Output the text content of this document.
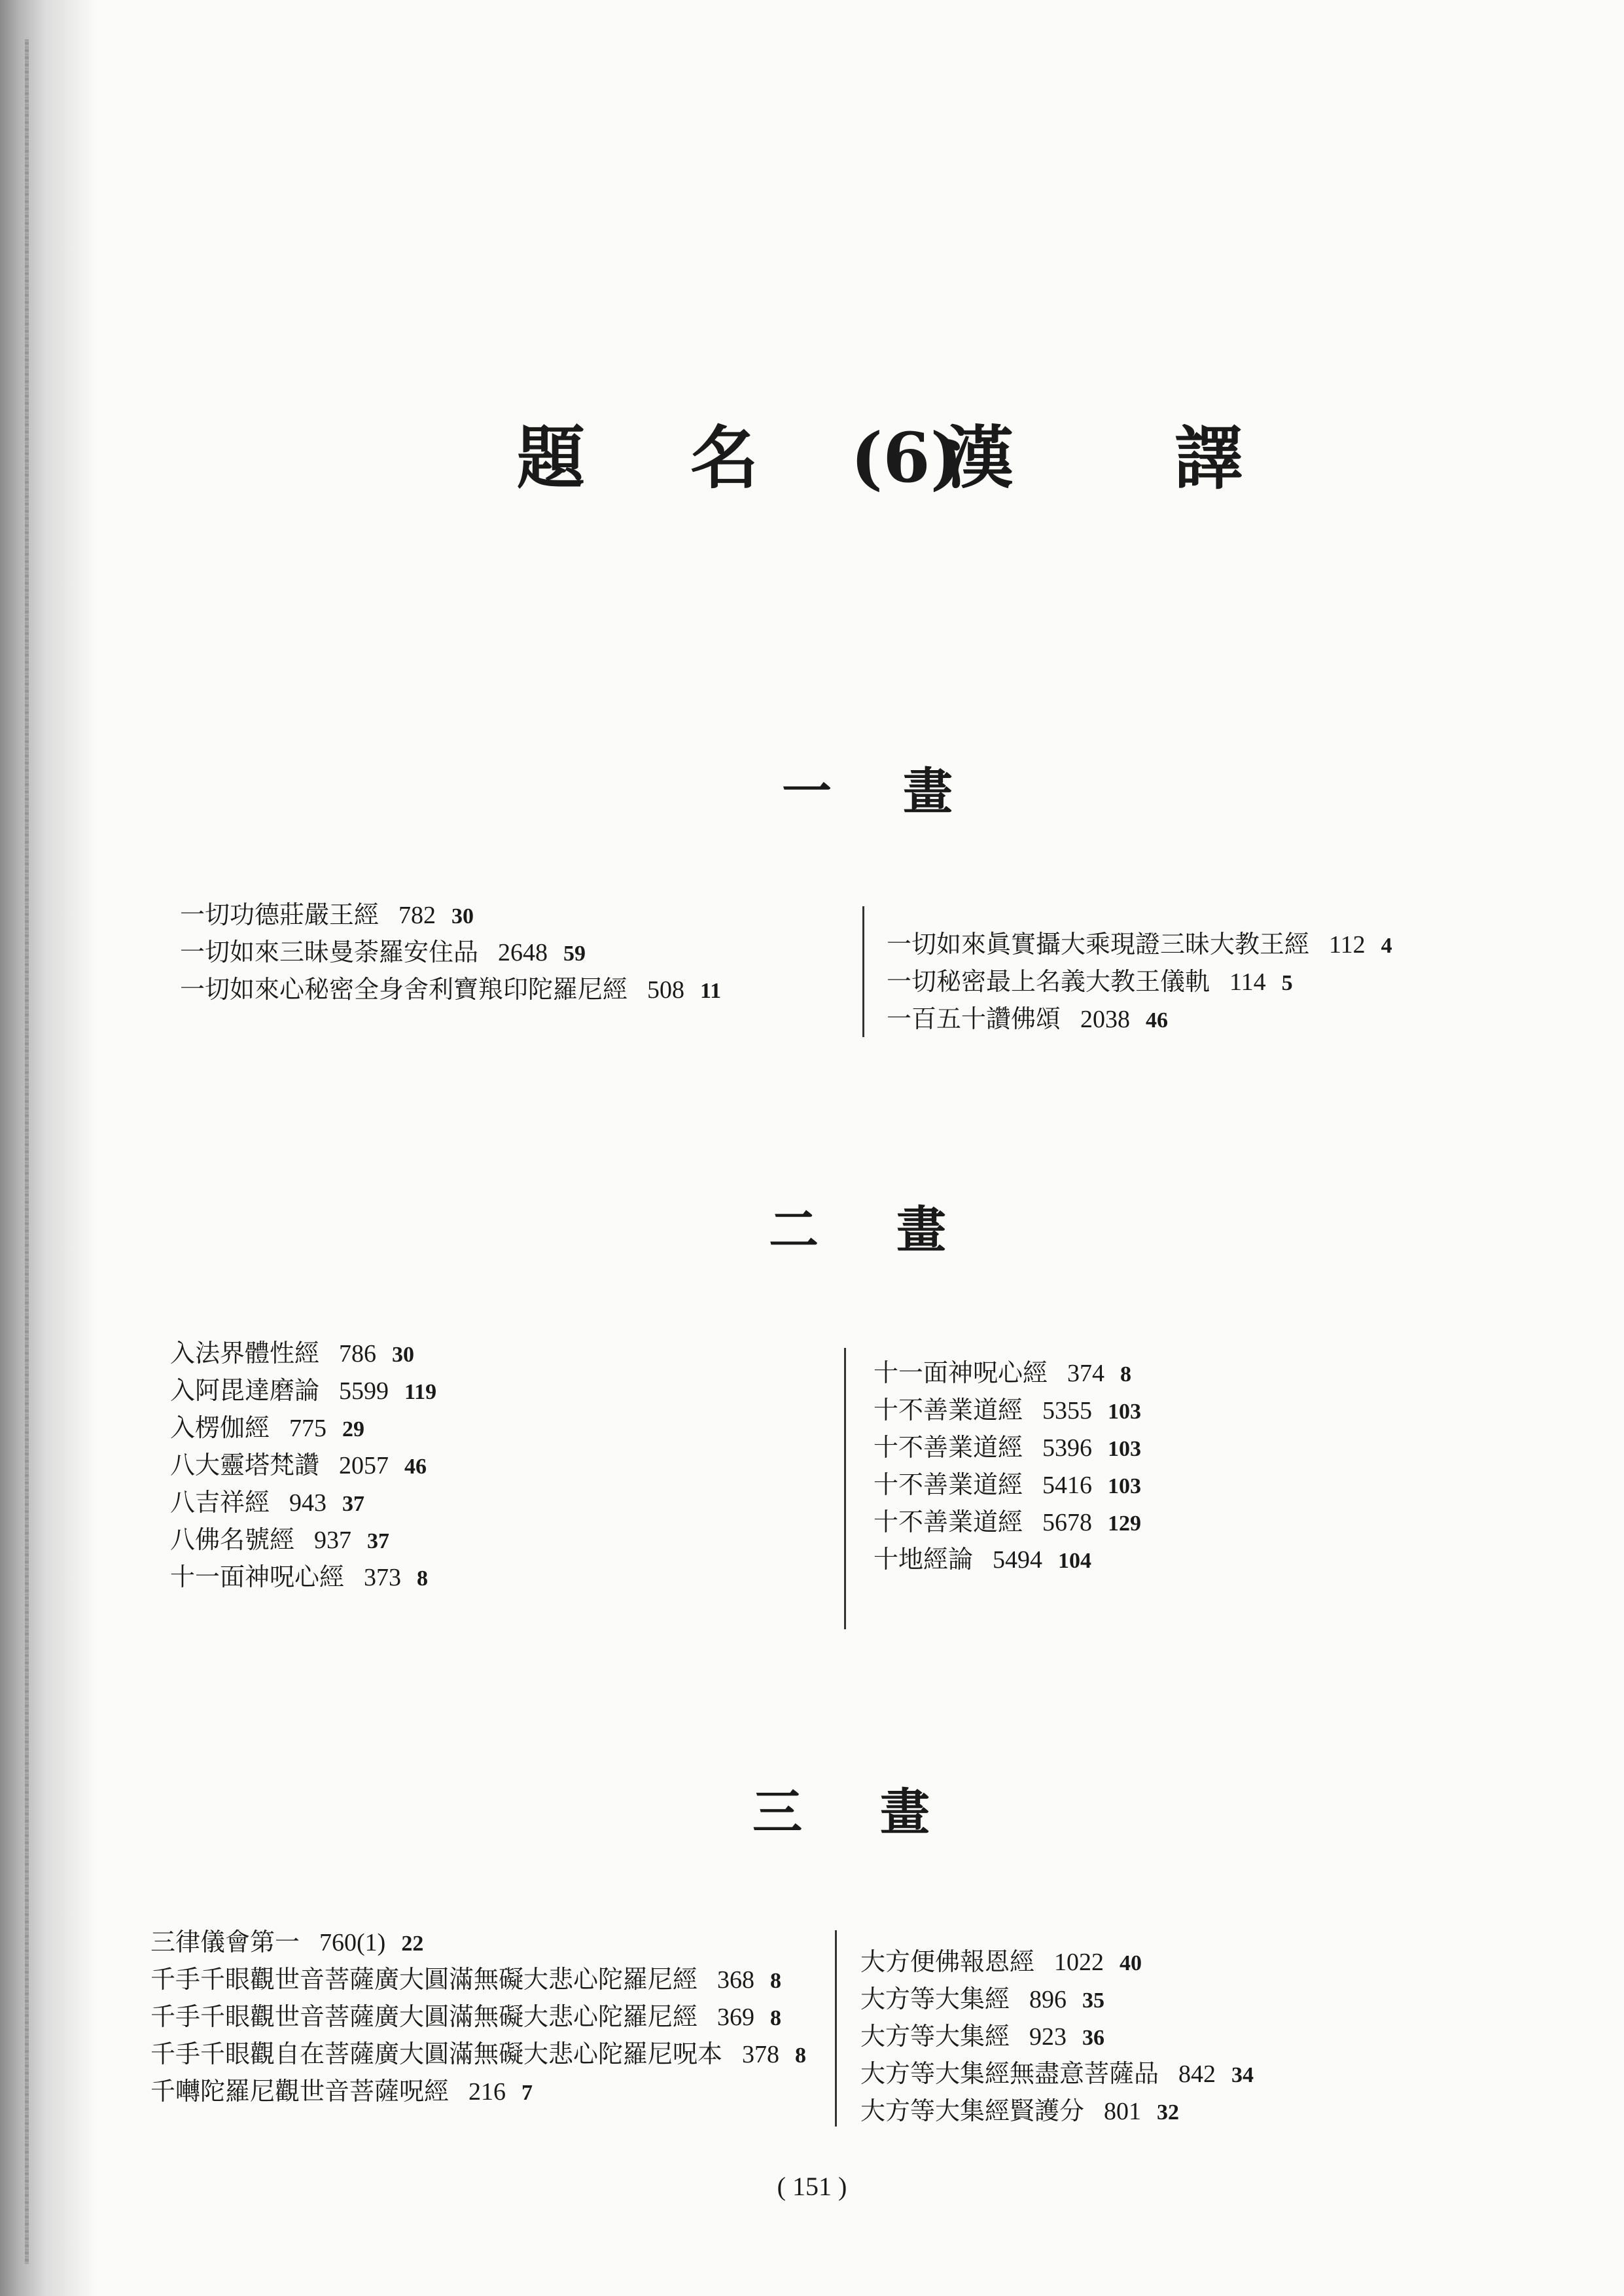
題 名 (6)	譯
漢
一 畫
一切功德莊嚴王經 782 30
一切如來三昧曼荼羅安住品 2648 59
一切如來心秘密全身舍利寶羪印陀羅尼經 508 11
一切如來眞實攝大乘現證三昧大教王經 112 4
一切秘密最上名義大教王儀軌 114 5
一百五十讚佛頌 2038 46
二 畫
入法界體性經 786 30
入阿毘達磨論 5599 119
入楞伽經 775 29
八大靈塔梵讚 2057 46
八吉祥經 943 37
八佛名號經 937 37
十一面神呪心經 373 8
十一面神呪心經 374 8
十不善業道經 5355 103
十不善業道經 5396 103
十不善業道經 5416 103
十不善業道經 5678 129
十地經論 5494 104
三 畫
三律儀會第一 760(1) 22
千手千眼觀世音菩薩廣大圓滿無礙大悲心陀羅尼經 368 8
千手千眼觀世音菩薩廣大圓滿無礙大悲心陀羅尼經 369 8
千手千眼觀自在菩薩廣大圓滿無礙大悲心陀羅尼呪本 378 8
千囀陀羅尼觀世音菩薩呪經 216 7
大方便佛報恩經 1022 40
大方等大集經 896 35
大方等大集經 923 36
大方等大集經無盡意菩薩品 842 34
大方等大集經賢護分 801 32
( 151 )
